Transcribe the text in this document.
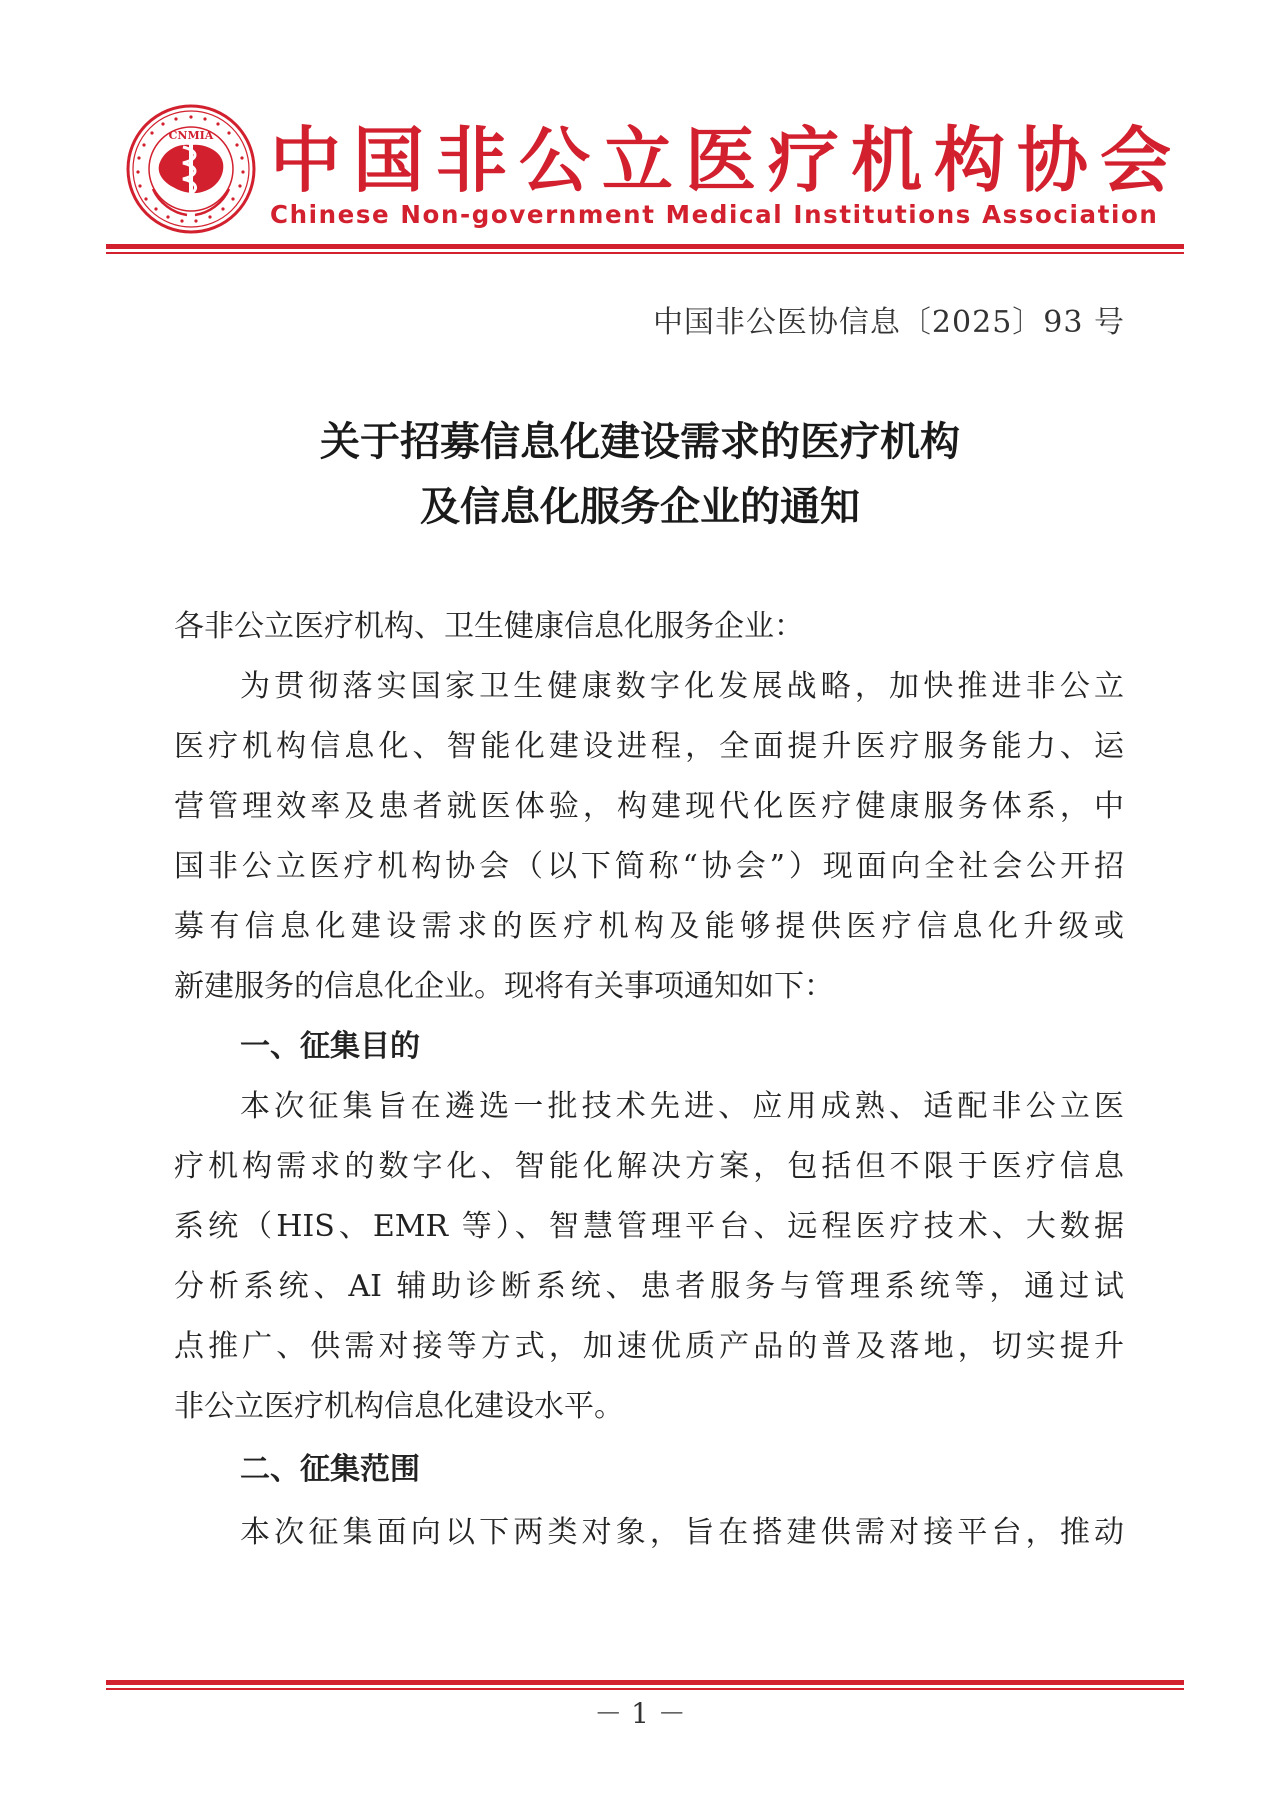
CNMIA 中国非公立医疗机构协会
Chinese Non-government Medical Institutions Association
中国非公医协信息〔2025〕93 号
关于招募信息化建设需求的医疗机构
及信息化服务企业的通知
各非公立医疗机构、卫生健康信息化服务企业：
为贯彻落实国家卫生健康数字化发展战略，加快推进非公立
医疗机构信息化、智能化建设进程，全面提升医疗服务能力、运
营管理效率及患者就医体验，构建现代化医疗健康服务体系，中
国非公立医疗机构协会（以下简称“协会”）现面向全社会公开招
募有信息化建设需求的医疗机构及能够提供医疗信息化升级或
新建服务的信息化企业。现将有关事项通知如下：
一、征集目的
本次征集旨在遴选一批技术先进、应用成熟、适配非公立医
疗机构需求的数字化、智能化解决方案，包括但不限于医疗信息
系统（HIS、EMR 等）、智慧管理平台、远程医疗技术、大数据
分析系统、AI 辅助诊断系统、患者服务与管理系统等，通过试
点推广、供需对接等方式，加速优质产品的普及落地，切实提升
非公立医疗机构信息化建设水平。
二、征集范围
本次征集面向以下两类对象，旨在搭建供需对接平台，推动
－ 1 －
